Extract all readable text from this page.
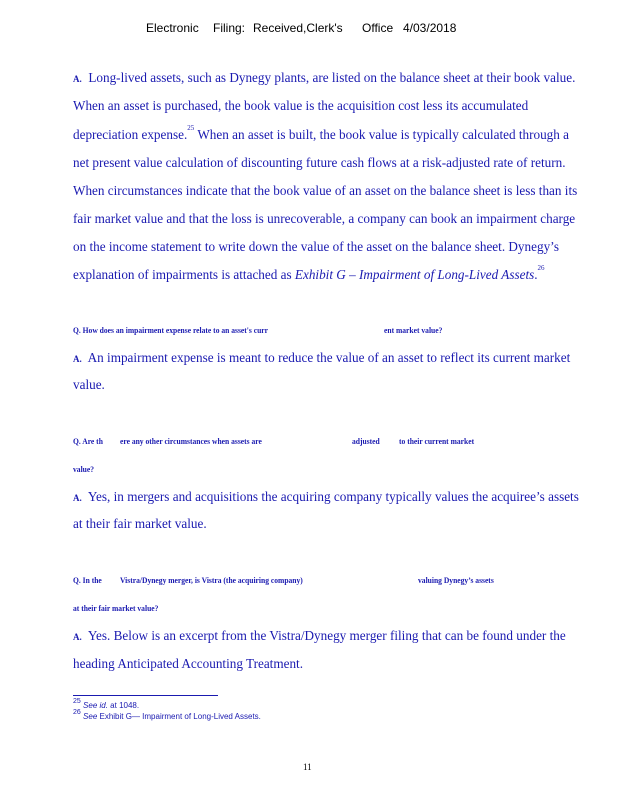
Electronic Filing: Received,Clerk's Office 4/03/2018
A. Long-lived assets, such as Dynegy plants, are listed on the balance sheet at their book value.
When an asset is purchased, the book value is the acquisition cost less its accumulated
depreciation expense.$^{25}$ When an asset is built, the book value is typically calculated through a
net present value calculation of discounting future cash flows at a risk-adjusted rate of return.
When circumstances indicate that the book value of an asset on the balance sheet is less than its
fair market value and that the loss is unrecoverable, a company can book an impairment charge
on the income statement to write down the value of the asset on the balance sheet. Dynegy’s
explanation of impairments is attached as Exhibit G – Impairment of Long-Lived Assets.$^{26}$
Q. How does an impairment expense relate to an asset's curr	ent market value?
A. An impairment expense is meant to reduce the value of an asset to reflect its current market
value.
Q. Are th ere any other circumstances when assets are	adjusted to their current market
value?
A. Yes, in mergers and acquisitions the acquiring company typically values the acquiree’s assets
at their fair market value.
Q. In the Vistra/Dynegy merger, is Vistra (the acquiring company)	valuing Dynegy’s assets
at their fair market value?
A. Yes. Below is an excerpt from the Vistra/Dynegy merger filing that can be found under the
heading Anticipated Accounting Treatment.
$^{25}$ See id. at 1048.
$^{26}$ See Exhibit G— Impairment of Long-Lived Assets.
11
